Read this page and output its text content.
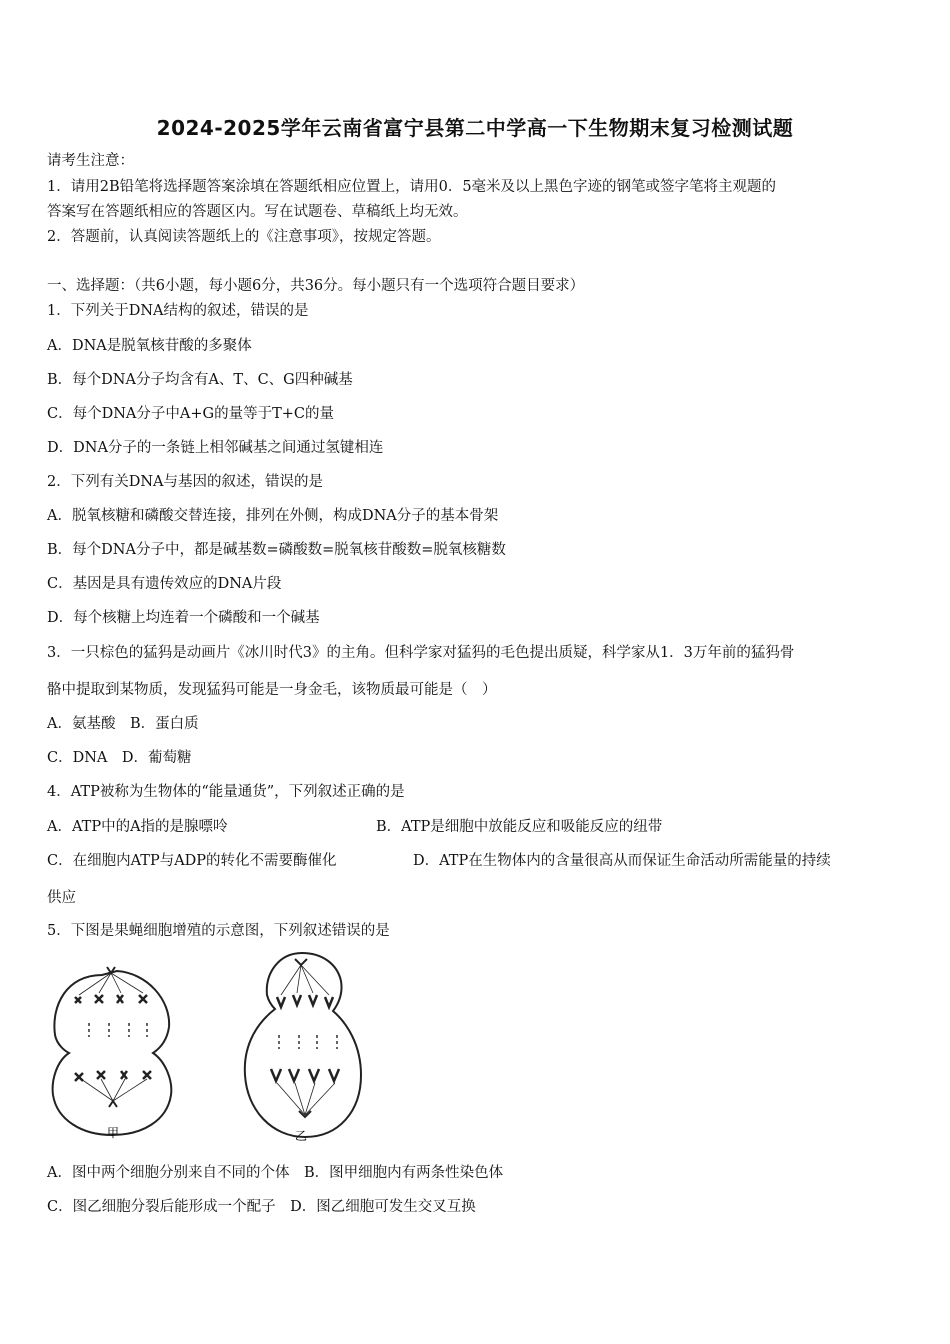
2024-2025学年云南省富宁县第二中学高一下生物期末复习检测试题
请考生注意：
1．请用2B铅笔将选择题答案涂填在答题纸相应位置上，请用0．5毫米及以上黑色字迹的钢笔或签字笔将主观题的
答案写在答题纸相应的答题区内。写在试题卷、草稿纸上均无效。
2．答题前，认真阅读答题纸上的《注意事项》，按规定答题。
一、选择题：（共6小题，每小题6分，共36分。每小题只有一个选项符合题目要求）
1．下列关于DNA结构的叙述，错误的是
A．DNA是脱氧核苷酸的多聚体
B．每个DNA分子均含有A、T、C、G四种碱基
C．每个DNA分子中A+G的量等于T+C的量
D．DNA分子的一条链上相邻碱基之间通过氢键相连
2．下列有关DNA与基因的叙述，错误的是
A．脱氧核糖和磷酸交替连接，排列在外侧，构成DNA分子的基本骨架
B．每个DNA分子中，都是碱基数=磷酸数=脱氧核苷酸数=脱氧核糖数
C．基因是具有遗传效应的DNA片段
D．每个核糖上均连着一个磷酸和一个碱基
3．一只棕色的猛犸是动画片《冰川时代3》的主角。但科学家对猛犸的毛色提出质疑，科学家从1．3万年前的猛犸骨
骼中提取到某物质，发现猛犸可能是一身金毛，该物质最可能是（　）
A．氨基酸　B．蛋白质
C．DNA　D．葡萄糖
4．ATP被称为生物体的“能量通货”，下列叙述正确的是
A．ATP中的A指的是腺嘌呤	B．ATP是细胞中放能反应和吸能反应的纽带
C．在细胞内ATP与ADP的转化不需要酶催化	D．ATP在生物体内的含量很高从而保证生命活动所需能量的持续
供应
5．下图是果蝇细胞增殖的示意图，下列叙述错误的是
甲	乙
A．图中两个细胞分别来自不同的个体　B．图甲细胞内有两条性染色体
C．图乙细胞分裂后能形成一个配子　D．图乙细胞可发生交叉互换
